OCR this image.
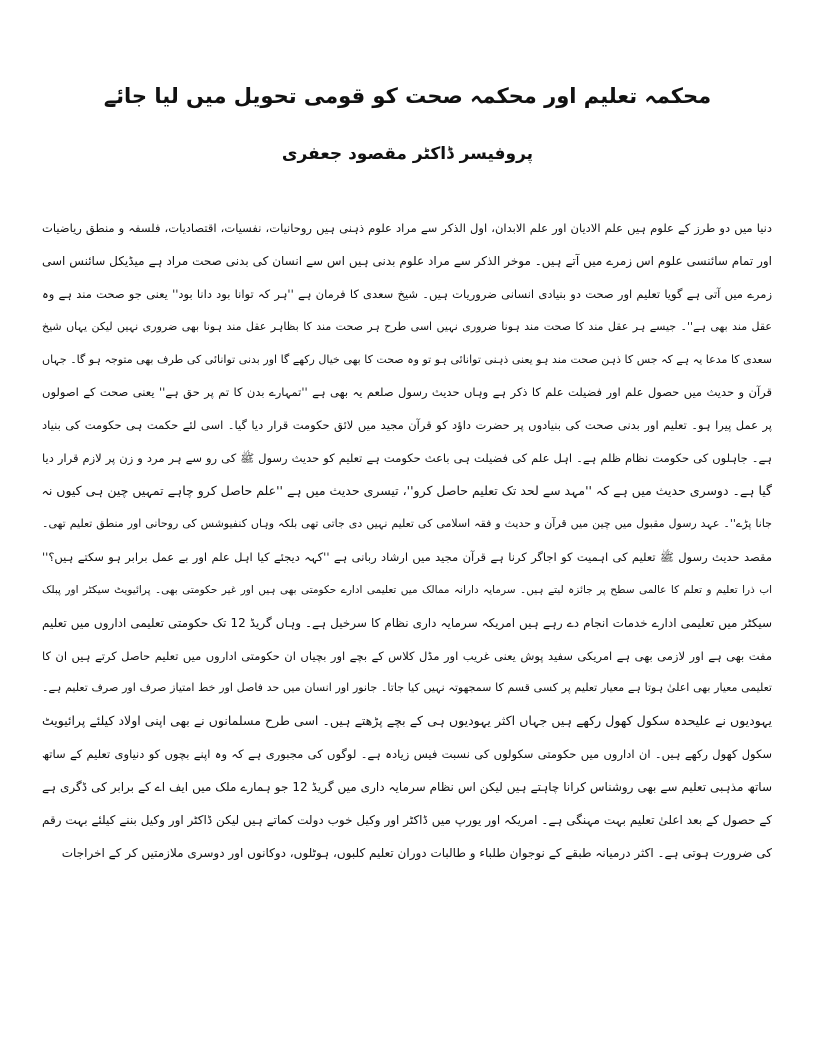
محکمہ تعلیم اور محکمہ صحت کو قومی تحویل میں لیا جائے
پروفیسر ڈاکٹر مقصود جعفری
دنیا میں دو طرز کے علوم ہیں علم الادیان اور علم الابدان، اول الذکر سے مراد علوم ذہنی ہیں روحانیات، نفسیات، اقتصادیات، فلسفہ و منطق ریاضیات
اور تمام سائنسی علوم اس زمرے میں آتے ہیں۔ موخر الذکر سے مراد علوم بدنی ہیں اس سے انسان کی بدنی صحت مراد ہے میڈیکل سائنس اسی
زمرے میں آتی ہے گویا تعلیم اور صحت دو بنیادی انسانی ضروریات ہیں۔ شیخ سعدی کا فرمان ہے ''ہر کہ توانا بود دانا بود'' یعنی جو صحت مند ہے وہ
عقل مند بھی ہے''۔ جیسے ہر عقل مند کا صحت مند ہونا ضروری نہیں اسی طرح ہر صحت مند کا بظاہر عقل مند ہونا بھی ضروری نہیں لیکن یہاں شیخ
سعدی کا مدعا یہ ہے کہ جس کا ذہن صحت مند ہو یعنی ذہنی توانائی ہو تو وہ صحت کا بھی خیال رکھے گا اور بدنی توانائی کی طرف بھی متوجہ ہو گا۔ جہاں
قرآن و حدیث میں حصول علم اور فضیلت علم کا ذکر ہے وہاں حدیث رسول صلعم یہ بھی ہے ''تمہارے بدن کا تم پر حق ہے'' یعنی صحت کے اصولوں
پر عمل پیرا ہو۔ تعلیم اور بدنی صحت کی بنیادوں پر حضرت داؤد کو قرآن مجید میں لائق حکومت قرار دیا گیا۔ اسی لئے حکمت ہی حکومت کی بنیاد
ہے۔ جاہلوں کی حکومت نظام ظلم ہے۔ اہل علم کی فضیلت ہی باعث حکومت ہے تعلیم کو حدیث رسول ﷺ کی رو سے ہر مرد و زن پر لازم قرار دیا
گیا ہے۔ دوسری حدیث میں ہے کہ ''مہد سے لحد تک تعلیم حاصل کرو''، تیسری حدیث میں ہے ''علم حاصل کرو چاہے تمہیں چین ہی کیوں نہ
جانا پڑے''۔ عہد رسول مقبول میں چین میں قرآن و حدیث و فقہ اسلامی کی تعلیم نہیں دی جاتی تھی بلکہ وہاں کنفیوشس کی روحانی اور منطق تعلیم تھی۔
مقصد حدیث رسول ﷺ تعلیم کی اہمیت کو اجاگر کرنا ہے قرآن مجید میں ارشاد ربانی ہے ''کہہ دیجئے کیا اہل علم اور بے عمل برابر ہو سکتے ہیں؟''
اب ذرا تعلیم و تعلم کا عالمی سطح پر جائزہ لیتے ہیں۔ سرمایہ دارانہ ممالک میں تعلیمی ادارے حکومتی بھی ہیں اور غیر حکومتی بھی۔ پرائیویٹ سیکٹر اور پبلک
سیکٹر میں تعلیمی ادارے خدمات انجام دے رہے ہیں امریکہ سرمایہ داری نظام کا سرخیل ہے۔ وہاں گریڈ 12 تک حکومتی تعلیمی اداروں میں تعلیم
مفت بھی ہے اور لازمی بھی ہے امریکی سفید پوش یعنی غریب اور مڈل کلاس کے بچے اور بچیاں ان حکومتی اداروں میں تعلیم حاصل کرتے ہیں ان کا
تعلیمی معیار بھی اعلیٰ ہوتا ہے معیار تعلیم پر کسی قسم کا سمجھوتہ نہیں کیا جاتا۔ جانور اور انسان میں حد فاصل اور خط امتیاز صرف اور صرف تعلیم ہے۔
یہودیوں نے علیحدہ سکول کھول رکھے ہیں جہاں اکثر یہودیوں ہی کے بچے پڑھتے ہیں۔ اسی طرح مسلمانوں نے بھی اپنی اولاد کیلئے پرائیویٹ
سکول کھول رکھے ہیں۔ ان اداروں میں حکومتی سکولوں کی نسبت فیس زیادہ ہے۔ لوگوں کی مجبوری ہے کہ وہ اپنے بچوں کو دنیاوی تعلیم کے ساتھ
ساتھ مذہبی تعلیم سے بھی روشناس کرانا چاہتے ہیں لیکن اس نظام سرمایہ داری میں گریڈ 12 جو ہمارے ملک میں ایف اے کے برابر کی ڈگری ہے
کے حصول کے بعد اعلیٰ تعلیم بہت مہنگی ہے۔ امریکہ اور یورپ میں ڈاکٹر اور وکیل خوب دولت کماتے ہیں لیکن ڈاکٹر اور وکیل بننے کیلئے بہت رقم
کی ضرورت ہوتی ہے۔ اکثر درمیانہ طبقے کے نوجوان طلباء و طالبات دوران تعلیم کلبوں، ہوٹلوں، دوکانوں اور دوسری ملازمتیں کر کے اخراجات
